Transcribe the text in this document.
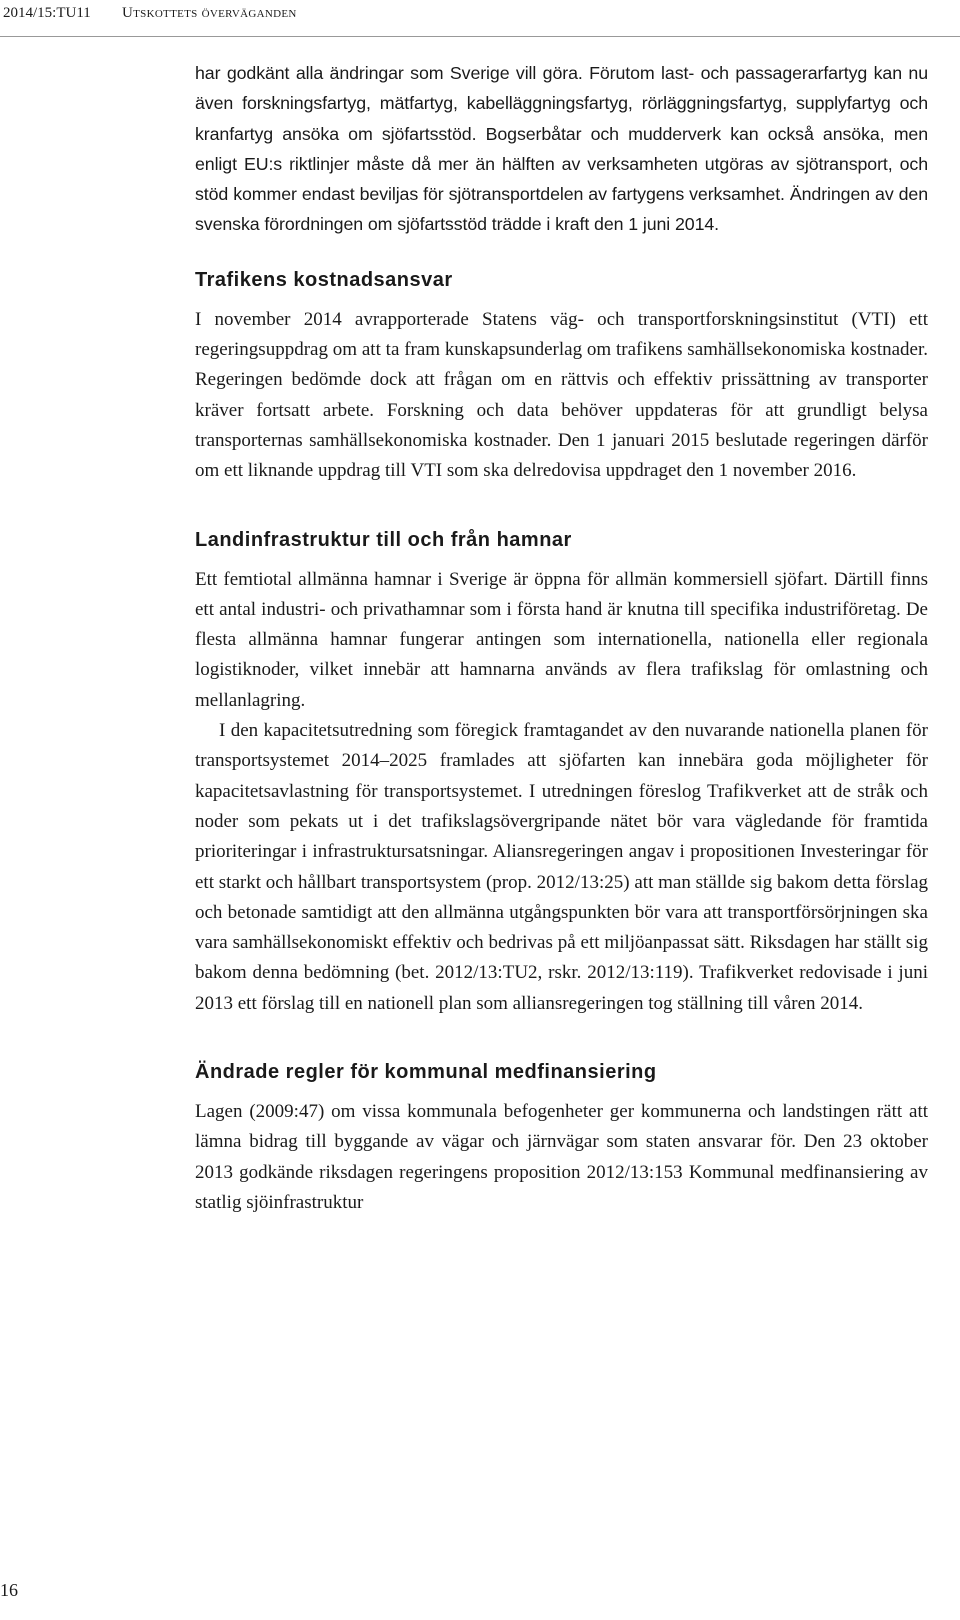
2014/15:TU11 Utskottets överväganden

har godkänt alla ändringar som Sverige vill göra. Förutom last- och passagerarfartyg kan nu även forskningsfartyg, mätfartyg, kabelläggningsfartyg, rörläggningsfartyg, supplyfartyg och kranfartyg ansöka om sjöfartsstöd. Bogserbåtar och mudderverk kan också ansöka, men enligt EU:s riktlinjer måste då mer än hälften av verksamheten utgöras av sjötransport, och stöd kommer endast beviljas för sjötransportdelen av fartygens verksamhet. Ändringen av den svenska förordningen om sjöfartsstöd trädde i kraft den 1 juni 2014.

Trafikens kostnadsansvar

I november 2014 avrapporterade Statens väg- och transportforskningsinstitut (VTI) ett regeringsuppdrag om att ta fram kunskapsunderlag om trafikens samhällsekonomiska kostnader. Regeringen bedömde dock att frågan om en rättvis och effektiv prissättning av transporter kräver fortsatt arbete. Forskning och data behöver uppdateras för att grundligt belysa transporternas samhällsekonomiska kostnader. Den 1 januari 2015 beslutade regeringen därför om ett liknande uppdrag till VTI som ska delredovisa uppdraget den 1 november 2016.

Landinfrastruktur till och från hamnar

Ett femtiotal allmänna hamnar i Sverige är öppna för allmän kommersiell sjöfart. Därtill finns ett antal industri- och privathamnar som i första hand är knutna till specifika industriföretag. De flesta allmänna hamnar fungerar antingen som internationella, nationella eller regionala logistiknoder, vilket innebär att hamnarna används av flera trafikslag för omlastning och mellanlagring.

I den kapacitetsutredning som föregick framtagandet av den nuvarande nationella planen för transportsystemet 2014–2025 framlades att sjöfarten kan innebära goda möjligheter för kapacitetsavlastning för transportsystemet. I utredningen föreslog Trafikverket att de stråk och noder som pekats ut i det trafikslagsövergripande nätet bör vara vägledande för framtida prioriteringar i infrastruktursatsningar. Aliansregeringen angav i propositionen Investeringar för ett starkt och hållbart transportsystem (prop. 2012/13:25) att man ställde sig bakom detta förslag och betonade samtidigt att den allmänna utgångspunkten bör vara att transportförsörjningen ska vara samhällsekonomiskt effektiv och bedrivas på ett miljöanpassat sätt. Riksdagen har ställt sig bakom denna bedömning (bet. 2012/13:TU2, rskr. 2012/13:119). Trafikverket redovisade i juni 2013 ett förslag till en nationell plan som alliansregeringen tog ställning till våren 2014.

Ändrade regler för kommunal medfinansiering

Lagen (2009:47) om vissa kommunala befogenheter ger kommunerna och landstingen rätt att lämna bidrag till byggande av vägar och järnvägar som staten ansvarar för. Den 23 oktober 2013 godkände riksdagen regeringens proposition 2012/13:153 Kommunal medfinansiering av statlig sjöinfrastruktur

16
